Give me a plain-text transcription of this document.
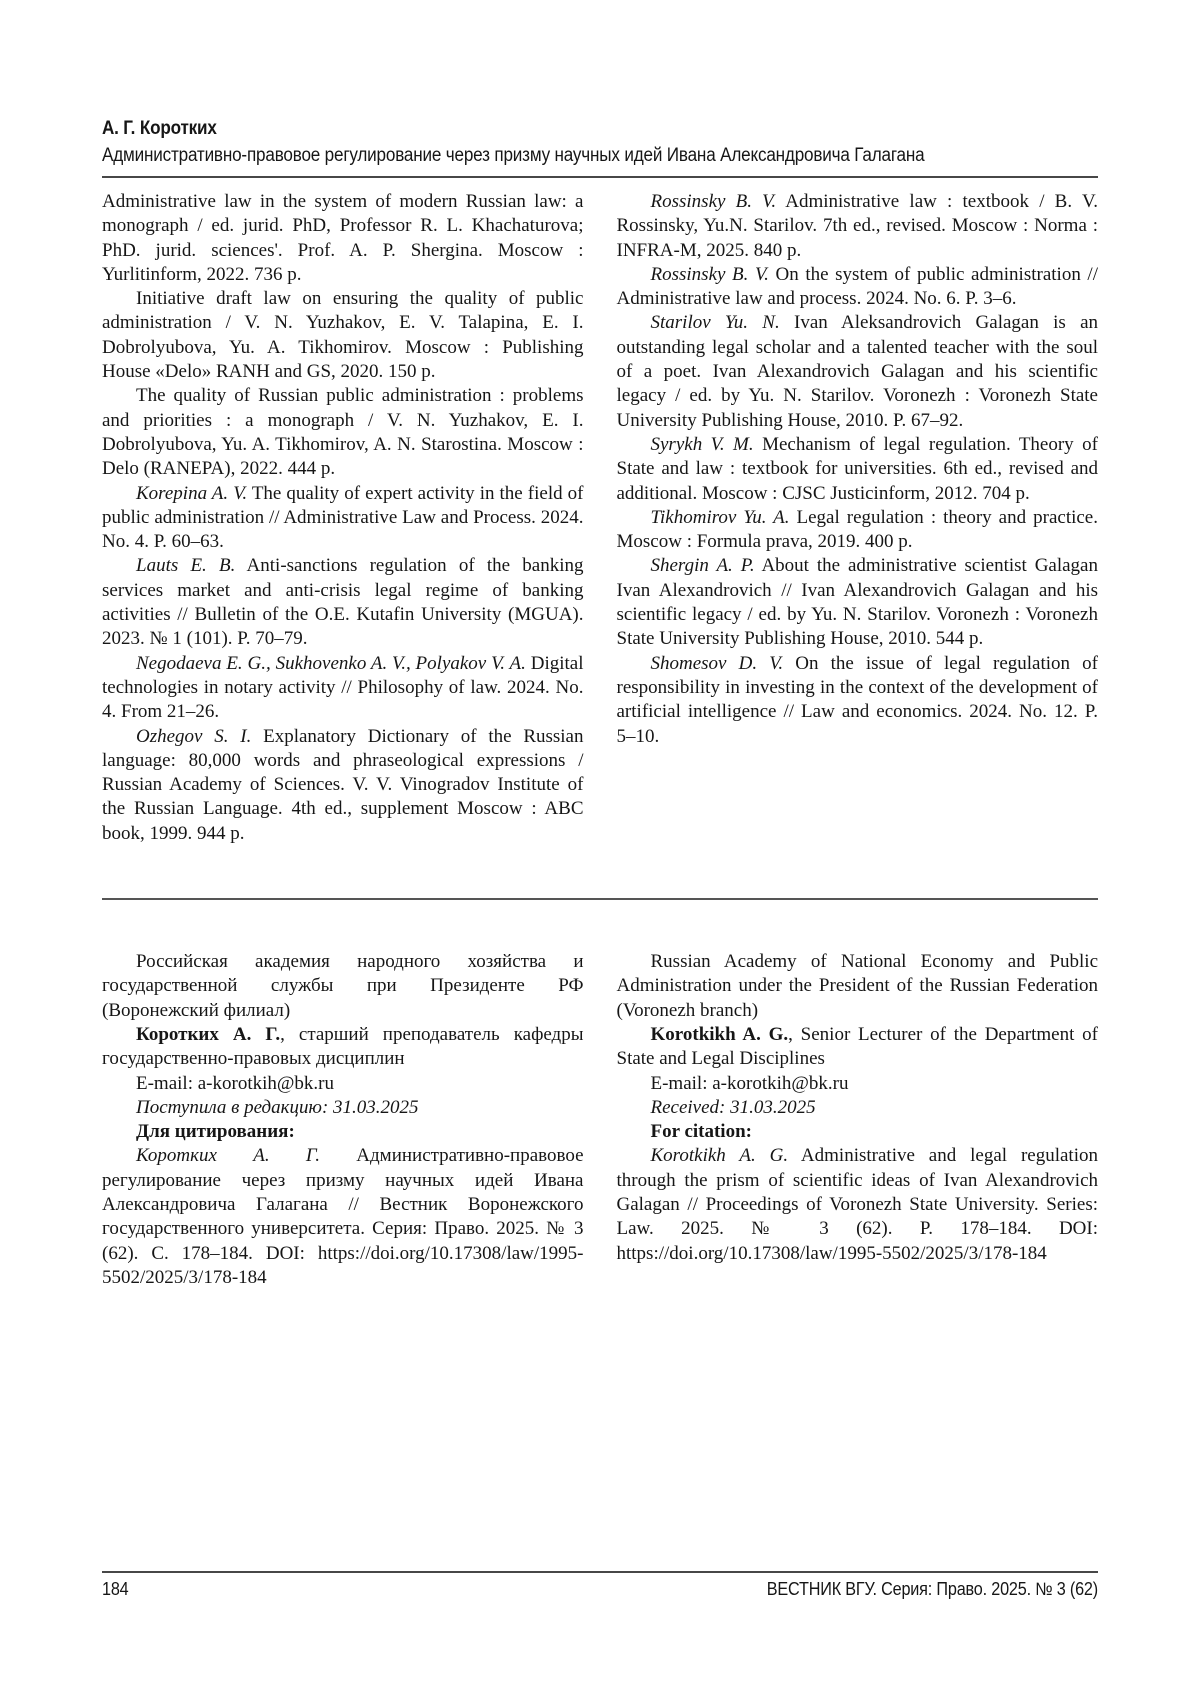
А. Г. Коротких
Административно-правовое регулирование через призму научных идей Ивана Александровича Галагана

Administrative law in the system of modern Russian law: a monograph / ed. jurid. PhD, Professor R. L. Khachaturova; PhD. jurid. sciences'. Prof. A. P. Shergina. Moscow : Yurlitinform, 2022. 736 p.

Initiative draft law on ensuring the quality of public administration / V. N. Yuzhakov, E. V. Talapina, E. I. Dobrolyubova, Yu. A. Tikhomirov. Moscow : Publishing House «Delo» RANH and GS, 2020. 150 p.

The quality of Russian public administration : problems and priorities : a monograph / V. N. Yuzhakov, E. I. Dobrolyubova, Yu. A. Tikhomirov, A. N. Starostina. Moscow : Delo (RANEPA), 2022. 444 p.

Korepina A. V. The quality of expert activity in the field of public administration // Administrative Law and Process. 2024. No. 4. P. 60–63.

Lauts E. B. Anti-sanctions regulation of the banking services market and anti-crisis legal regime of banking activities // Bulletin of the O.E. Kutafin University (MGUA). 2023. № 1 (101). P. 70–79.

Negodaeva E. G., Sukhovenko A. V., Polyakov V. A. Digital technologies in notary activity // Philosophy of law. 2024. No. 4. From 21–26.

Ozhegov S. I. Explanatory Dictionary of the Russian language: 80,000 words and phraseological expressions / Russian Academy of Sciences. V. V. Vinogradov Institute of the Russian Language. 4th ed., supplement Moscow : ABC book, 1999. 944 p.

Rossinsky B. V. Administrative law : textbook / B. V. Rossinsky, Yu.N. Starilov. 7th ed., revised. Moscow : Norma : INFRA-M, 2025. 840 p.

Rossinsky B. V. On the system of public administration // Administrative law and process. 2024. No. 6. P. 3–6.

Starilov Yu. N. Ivan Aleksandrovich Galagan is an outstanding legal scholar and a talented teacher with the soul of a poet. Ivan Alexandrovich Galagan and his scientific legacy / ed. by Yu. N. Starilov. Voronezh : Voronezh State University Publishing House, 2010. P. 67–92.

Syrykh V. M. Mechanism of legal regulation. Theory of State and law : textbook for universities. 6th ed., revised and additional. Moscow : CJSC Justicinform, 2012. 704 p.

Tikhomirov Yu. A. Legal regulation : theory and practice. Moscow : Formula prava, 2019. 400 p.

Shergin A. P. About the administrative scientist Galagan Ivan Alexandrovich // Ivan Alexandrovich Galagan and his scientific legacy / ed. by Yu. N. Starilov. Voronezh : Voronezh State University Publishing House, 2010. 544 p.

Shomesov D. V. On the issue of legal regulation of responsibility in investing in the context of the development of artificial intelligence // Law and economics. 2024. No. 12. P. 5–10.

Российская академия народного хозяйства и государственной службы при Президенте РФ (Воронежский филиал)

Коротких А. Г., старший преподаватель кафедры государственно-правовых дисциплин

E-mail: a-korotkih@bk.ru

Поступила в редакцию: 31.03.2025

Для цитирования:

Коротких А. Г. Административно-правовое регулирование через призму научных идей Ивана Александровича Галагана // Вестник Воронежского государственного университета. Серия: Право. 2025. № 3 (62). С. 178–184. DOI: https://doi.org/10.17308/law/1995-5502/2025/3/178-184

Russian Academy of National Economy and Public Administration under the President of the Russian Federation (Voronezh branch)

Korotkikh A. G., Senior Lecturer of the Department of State and Legal Disciplines

E-mail: a-korotkih@bk.ru

Received: 31.03.2025

For citation:

Korotkikh A. G. Administrative and legal regulation through the prism of scientific ideas of Ivan Alexandrovich Galagan // Proceedings of Voronezh State University. Series: Law. 2025. № 3 (62). P. 178–184. DOI: https://doi.org/10.17308/law/1995-5502/2025/3/178-184

184	ВЕСТНИК ВГУ. Серия: Право. 2025. № 3 (62)
